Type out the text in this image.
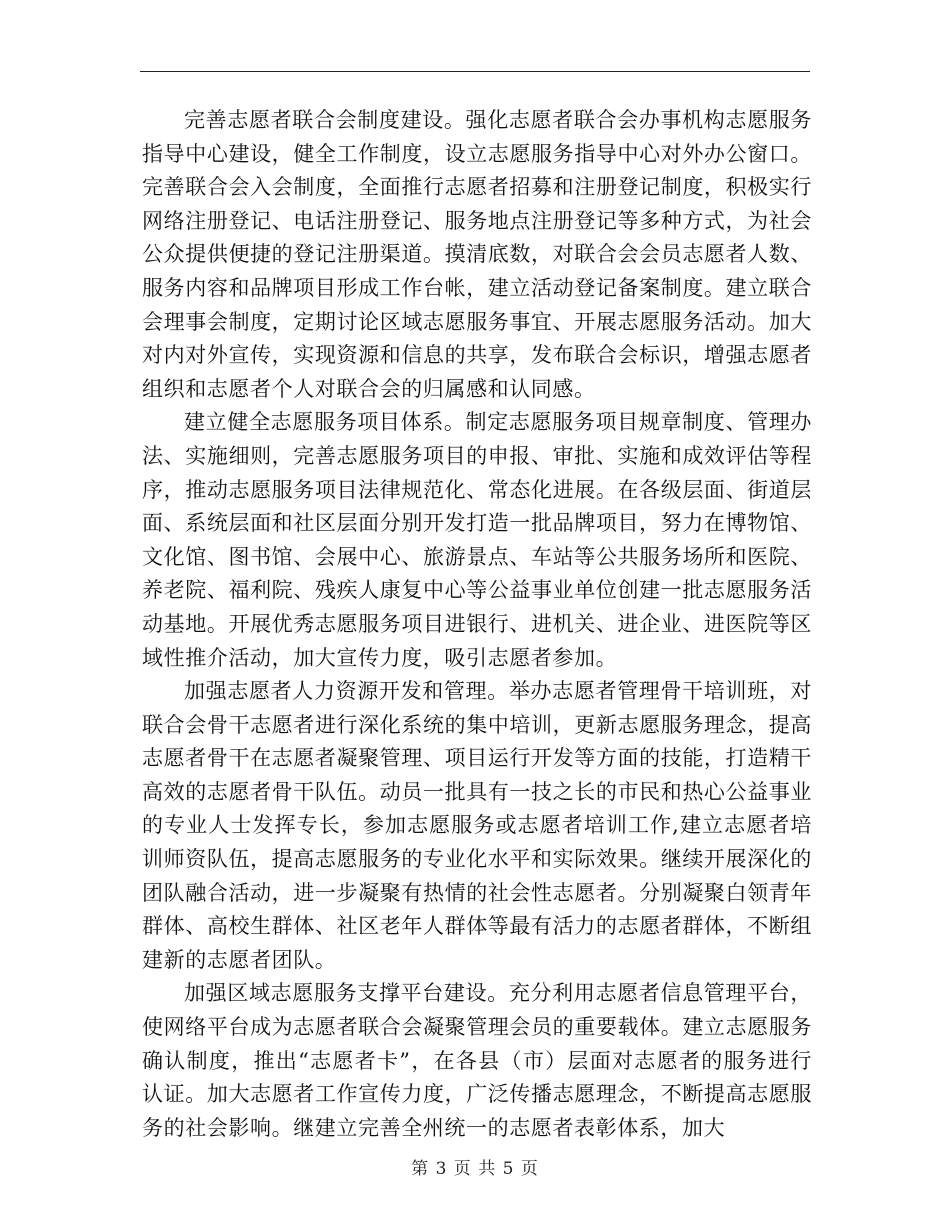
完善志愿者联合会制度建设。强化志愿者联合会办事机构志愿服务指导中心建设，健全工作制度，设立志愿服务指导中心对外办公窗口。完善联合会入会制度，全面推行志愿者招募和注册登记制度，积极实行网络注册登记、电话注册登记、服务地点注册登记等多种方式，为社会公众提供便捷的登记注册渠道。摸清底数，对联合会会员志愿者人数、服务内容和品牌项目形成工作台帐，建立活动登记备案制度。建立联合会理事会制度，定期讨论区域志愿服务事宜、开展志愿服务活动。加大对内对外宣传，实现资源和信息的共享，发布联合会标识，增强志愿者组织和志愿者个人对联合会的归属感和认同感。

建立健全志愿服务项目体系。制定志愿服务项目规章制度、管理办法、实施细则，完善志愿服务项目的申报、审批、实施和成效评估等程序，推动志愿服务项目法律规范化、常态化进展。在各级层面、街道层面、系统层面和社区层面分别开发打造一批品牌项目，努力在博物馆、文化馆、图书馆、会展中心、旅游景点、车站等公共服务场所和医院、养老院、福利院、残疾人康复中心等公益事业单位创建一批志愿服务活动基地。开展优秀志愿服务项目进银行、进机关、进企业、进医院等区域性推介活动，加大宣传力度，吸引志愿者参加。

加强志愿者人力资源开发和管理。举办志愿者管理骨干培训班，对联合会骨干志愿者进行深化系统的集中培训，更新志愿服务理念，提高志愿者骨干在志愿者凝聚管理、项目运行开发等方面的技能，打造精干高效的志愿者骨干队伍。动员一批具有一技之长的市民和热心公益事业的专业人士发挥专长，参加志愿服务或志愿者培训工作,建立志愿者培训师资队伍，提高志愿服务的专业化水平和实际效果。继续开展深化的团队融合活动，进一步凝聚有热情的社会性志愿者。分别凝聚白领青年群体、高校生群体、社区老年人群体等最有活力的志愿者群体，不断组建新的志愿者团队。

加强区域志愿服务支撑平台建设。充分利用志愿者信息管理平台，使网络平台成为志愿者联合会凝聚管理会员的重要载体。建立志愿服务确认制度，推出“志愿者卡”，在各县（市）层面对志愿者的服务进行认证。加大志愿者工作宣传力度，广泛传播志愿理念，不断提高志愿服务的社会影响。继建立完善全州统一的志愿者表彰体系，加大

第 3 页 共 5 页
